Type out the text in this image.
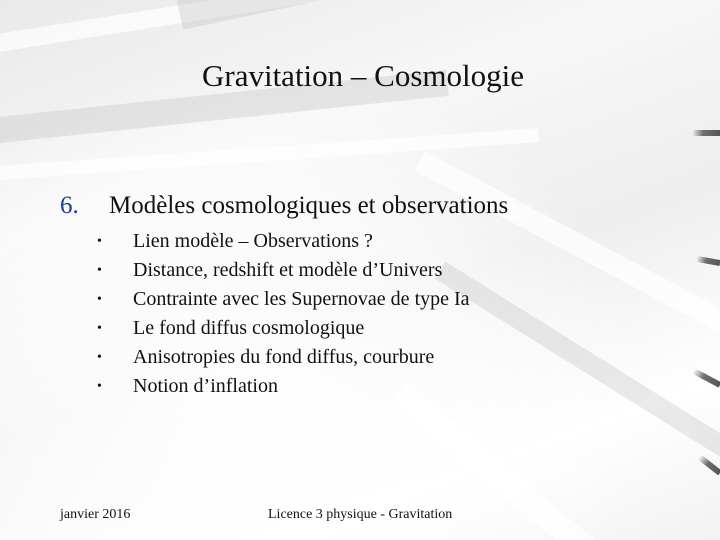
Gravitation – Cosmologie
6. Modèles cosmologiques et observations
• Lien modèle – Observations ?
• Distance, redshift et modèle d’Univers
• Contrainte avec les Supernovae de type Ia
• Le fond diffus cosmologique
• Anisotropies du fond diffus, courbure
• Notion d’inflation
janvier 2016	Licence 3 physique - Gravitation
